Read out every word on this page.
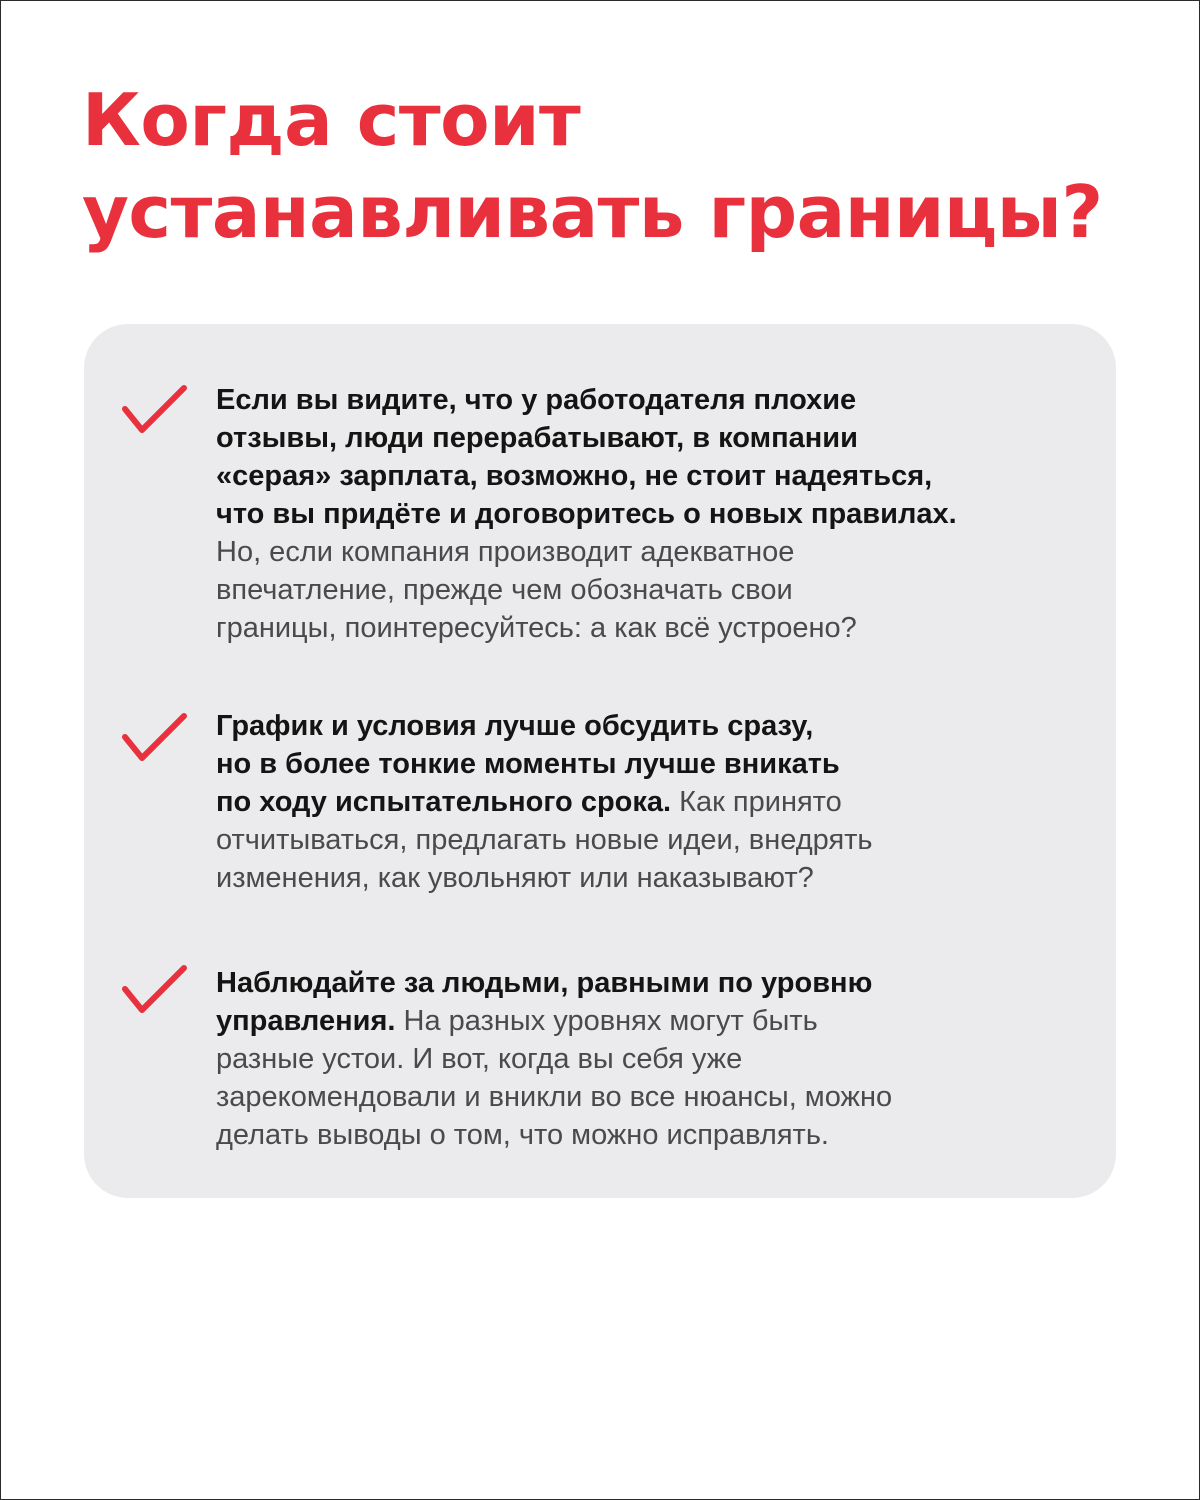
Когда стоит
устанавливать границы?

Если вы видите, что у работодателя плохие
отзывы, люди перерабатывают, в компании
«серая» зарплата, возможно, не стоит надеяться,
что вы придёте и договоритесь о новых правилах.
Но, если компания производит адекватное
впечатление, прежде чем обозначать свои
границы, поинтересуйтесь: а как всё устроено?

График и условия лучше обсудить сразу,
но в более тонкие моменты лучше вникать
по ходу испытательного срока. Как принято
отчитываться, предлагать новые идеи, внедрять
изменения, как увольняют или наказывают?

Наблюдайте за людьми, равными по уровню
управления. На разных уровнях могут быть
разные устои. И вот, когда вы себя уже
зарекомендовали и вникли во все нюансы, можно
делать выводы о том, что можно исправлять.
